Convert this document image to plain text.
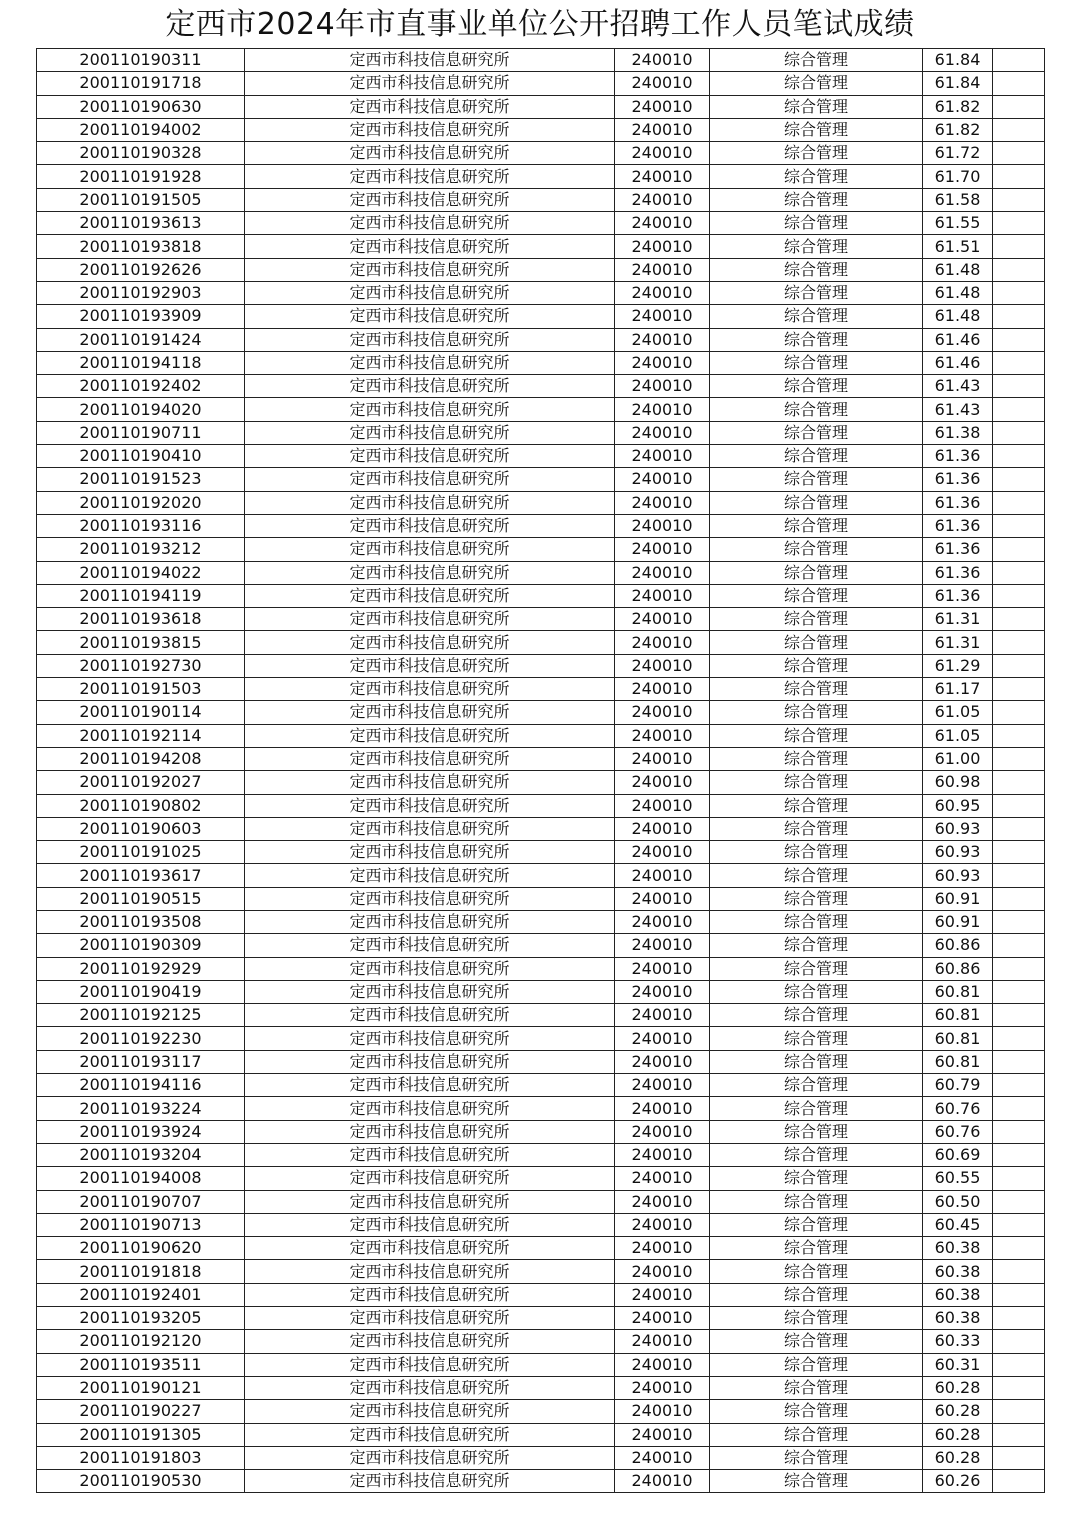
定西市2024年市直事业单位公开招聘工作人员笔试成绩
200110190311	定西市科技信息研究所	240010	综合管理	61.84	
200110191718	定西市科技信息研究所	240010	综合管理	61.84	
200110190630	定西市科技信息研究所	240010	综合管理	61.82	
200110194002	定西市科技信息研究所	240010	综合管理	61.82	
200110190328	定西市科技信息研究所	240010	综合管理	61.72	
200110191928	定西市科技信息研究所	240010	综合管理	61.70	
200110191505	定西市科技信息研究所	240010	综合管理	61.58	
200110193613	定西市科技信息研究所	240010	综合管理	61.55	
200110193818	定西市科技信息研究所	240010	综合管理	61.51	
200110192626	定西市科技信息研究所	240010	综合管理	61.48	
200110192903	定西市科技信息研究所	240010	综合管理	61.48	
200110193909	定西市科技信息研究所	240010	综合管理	61.48	
200110191424	定西市科技信息研究所	240010	综合管理	61.46	
200110194118	定西市科技信息研究所	240010	综合管理	61.46	
200110192402	定西市科技信息研究所	240010	综合管理	61.43	
200110194020	定西市科技信息研究所	240010	综合管理	61.43	
200110190711	定西市科技信息研究所	240010	综合管理	61.38	
200110190410	定西市科技信息研究所	240010	综合管理	61.36	
200110191523	定西市科技信息研究所	240010	综合管理	61.36	
200110192020	定西市科技信息研究所	240010	综合管理	61.36	
200110193116	定西市科技信息研究所	240010	综合管理	61.36	
200110193212	定西市科技信息研究所	240010	综合管理	61.36	
200110194022	定西市科技信息研究所	240010	综合管理	61.36	
200110194119	定西市科技信息研究所	240010	综合管理	61.36	
200110193618	定西市科技信息研究所	240010	综合管理	61.31	
200110193815	定西市科技信息研究所	240010	综合管理	61.31	
200110192730	定西市科技信息研究所	240010	综合管理	61.29	
200110191503	定西市科技信息研究所	240010	综合管理	61.17	
200110190114	定西市科技信息研究所	240010	综合管理	61.05	
200110192114	定西市科技信息研究所	240010	综合管理	61.05	
200110194208	定西市科技信息研究所	240010	综合管理	61.00	
200110192027	定西市科技信息研究所	240010	综合管理	60.98	
200110190802	定西市科技信息研究所	240010	综合管理	60.95	
200110190603	定西市科技信息研究所	240010	综合管理	60.93	
200110191025	定西市科技信息研究所	240010	综合管理	60.93	
200110193617	定西市科技信息研究所	240010	综合管理	60.93	
200110190515	定西市科技信息研究所	240010	综合管理	60.91	
200110193508	定西市科技信息研究所	240010	综合管理	60.91	
200110190309	定西市科技信息研究所	240010	综合管理	60.86	
200110192929	定西市科技信息研究所	240010	综合管理	60.86	
200110190419	定西市科技信息研究所	240010	综合管理	60.81	
200110192125	定西市科技信息研究所	240010	综合管理	60.81	
200110192230	定西市科技信息研究所	240010	综合管理	60.81	
200110193117	定西市科技信息研究所	240010	综合管理	60.81	
200110194116	定西市科技信息研究所	240010	综合管理	60.79	
200110193224	定西市科技信息研究所	240010	综合管理	60.76	
200110193924	定西市科技信息研究所	240010	综合管理	60.76	
200110193204	定西市科技信息研究所	240010	综合管理	60.69	
200110194008	定西市科技信息研究所	240010	综合管理	60.55	
200110190707	定西市科技信息研究所	240010	综合管理	60.50	
200110190713	定西市科技信息研究所	240010	综合管理	60.45	
200110190620	定西市科技信息研究所	240010	综合管理	60.38	
200110191818	定西市科技信息研究所	240010	综合管理	60.38	
200110192401	定西市科技信息研究所	240010	综合管理	60.38	
200110193205	定西市科技信息研究所	240010	综合管理	60.38	
200110192120	定西市科技信息研究所	240010	综合管理	60.33	
200110193511	定西市科技信息研究所	240010	综合管理	60.31	
200110190121	定西市科技信息研究所	240010	综合管理	60.28	
200110190227	定西市科技信息研究所	240010	综合管理	60.28	
200110191305	定西市科技信息研究所	240010	综合管理	60.28	
200110191803	定西市科技信息研究所	240010	综合管理	60.28	
200110190530	定西市科技信息研究所	240010	综合管理	60.26	
